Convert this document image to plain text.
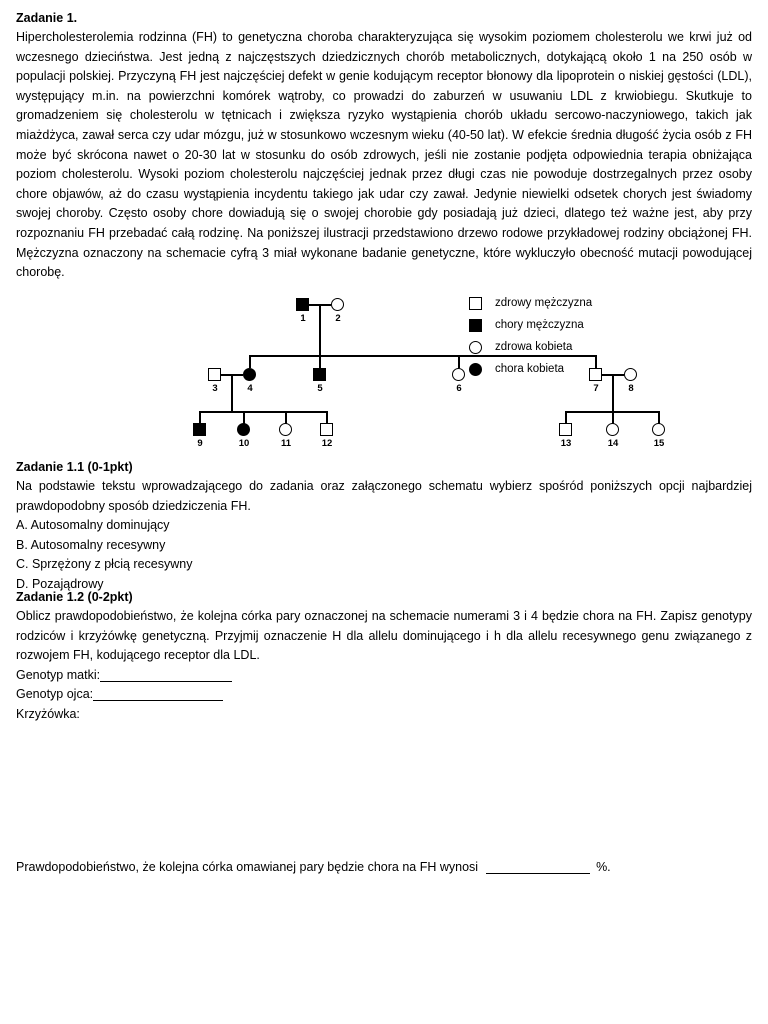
Zadanie 1.
Hipercholesterolemia rodzinna (FH) to genetyczna choroba charakteryzująca się wysokim poziomem cholesterolu we krwi już od wczesnego dzieciństwa. Jest jedną z najczęstszych dziedzicznych chorób metabolicznych, dotykającą około 1 na 250 osób w populacji polskiej. Przyczyną FH jest najczęściej defekt w genie kodującym receptor błonowy dla lipoprotein o niskiej gęstości (LDL), występujący m.in. na powierzchni komórek wątroby, co prowadzi do zaburzeń w usuwaniu LDL z krwiobiegu. Skutkuje to gromadzeniem się cholesterolu w tętnicach i zwiększa ryzyko wystąpienia chorób układu sercowo-naczyniowego, takich jak miażdżyca, zawał serca czy udar mózgu, już w stosunkowo wczesnym wieku (40-50 lat). W efekcie średnia długość życia osób z FH może być skrócona nawet o 20-30 lat w stosunku do osób zdrowych, jeśli nie zostanie podjęta odpowiednia terapia obniżająca poziom cholesterolu. Wysoki poziom cholesterolu najczęściej jednak przez długi czas nie powoduje dostrzegalnych przez osoby chore objawów, aż do czasu wystąpienia incydentu takiego jak udar czy zawał. Jedynie niewielki odsetek chorych jest świadomy swojej choroby. Często osoby chore dowiadują się o swojej chorobie gdy posiadają już dzieci, dlatego też ważne jest, aby przy rozpoznaniu FH przebadać całą rodzinę. Na poniższej ilustracji przedstawiono drzewo rodowe przykładowej rodziny obciążonej FH. Mężczyzna oznaczony na schemacie cyfrą 3 miał wykonane badanie genetyczne, które wykluczyło obecność mutacji powodującej chorobę.
1	2
3	4	5	6	7	8
9	10	11	12	13	14	15
zdrowy mężczyzna
chory mężczyzna
zdrowa kobieta
chora kobieta
Zadanie 1.1 (0-1pkt)
Na podstawie tekstu wprowadzającego do zadania oraz załączonego schematu wybierz spośród poniższych opcji najbardziej prawdopodobny sposób dziedziczenia FH.
A. Autosomalny dominujący
B. Autosomalny recesywny
C. Sprzężony z płcią recesywny
D. Pozajądrowy
Zadanie 1.2 (0-2pkt)
Oblicz prawdopodobieństwo, że kolejna córka pary oznaczonej na schemacie numerami 3 i 4 będzie chora na FH. Zapisz genotypy rodziców i krzyżówkę genetyczną. Przyjmij oznaczenie H dla allelu dominującego i h dla allelu recesywnego genu związanego z rozwojem FH, kodującego receptor dla LDL.
Genotyp matki:
Genotyp ojca:
Krzyżówka:
Prawdopodobieństwo, że kolejna córka omawianej pary będzie chora na FH wynosi	%.
